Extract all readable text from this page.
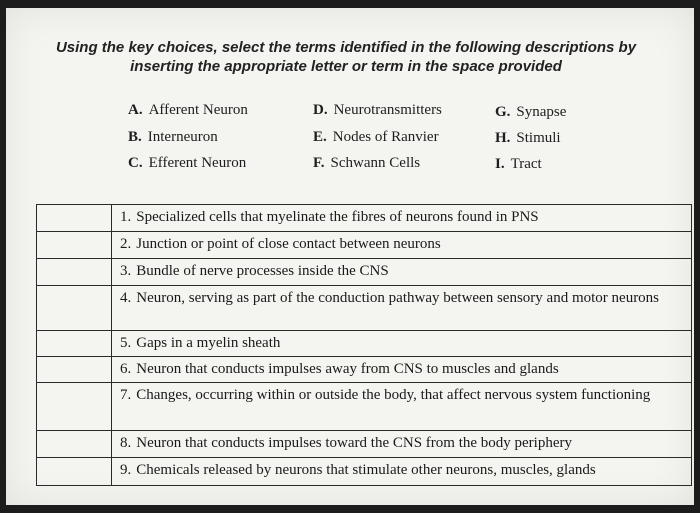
Using the key choices, select the terms identified in the following descriptions by
inserting the appropriate letter or term in the space provided
A. Afferent Neuron
B. Interneuron
C. Efferent Neuron
D. Neurotransmitters
E. Nodes of Ranvier
F. Schwann Cells
G. Synapse
H. Stimuli
I. Tract
	1. Specialized cells that myelinate the fibres of neurons found in PNS
	2. Junction or point of close contact between neurons
	3. Bundle of nerve processes inside the CNS
	4. Neuron, serving as part of the conduction pathway between sensory and motor neurons
	5. Gaps in a myelin sheath
	6. Neuron that conducts impulses away from CNS to muscles and glands
	7. Changes, occurring within or outside the body, that affect nervous system functioning
	8. Neuron that conducts impulses toward the CNS from the body periphery
	9. Chemicals released by neurons that stimulate other neurons, muscles, glands
